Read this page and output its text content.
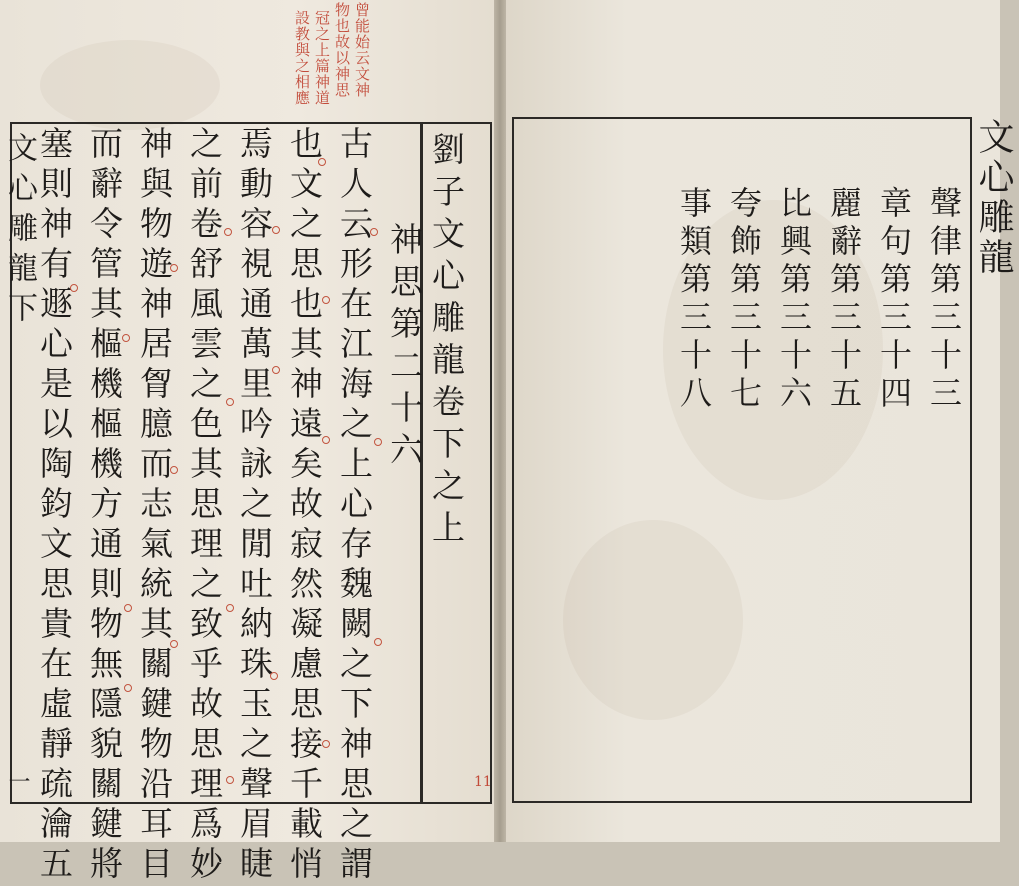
曾能始云文神
物也故以神思
冠之上篇神道
設教與之相應
文心雕龍下
一
劉子文心雕龍卷下之上
神思第二十六
古人云形在江海之上心存魏闕之下神思之謂
也文之思也其神遠矣故寂然凝慮思接千載悄
焉動容視通萬里吟詠之閒吐納珠玉之聲眉睫
之前卷舒風雲之色其思理之致乎故思理爲妙
神與物遊神居胷臆而志氣統其關鍵物沿耳目
而辭令管其樞機樞機方通則物無隱貌關鍵將
塞則神有遯心是以陶鈞文思貴在虛靜疏瀹五	11
文心雕龍
聲律第三十三
章句第三十四
麗辭第三十五
比興第三十六
夸飾第三十七
事類第三十八
